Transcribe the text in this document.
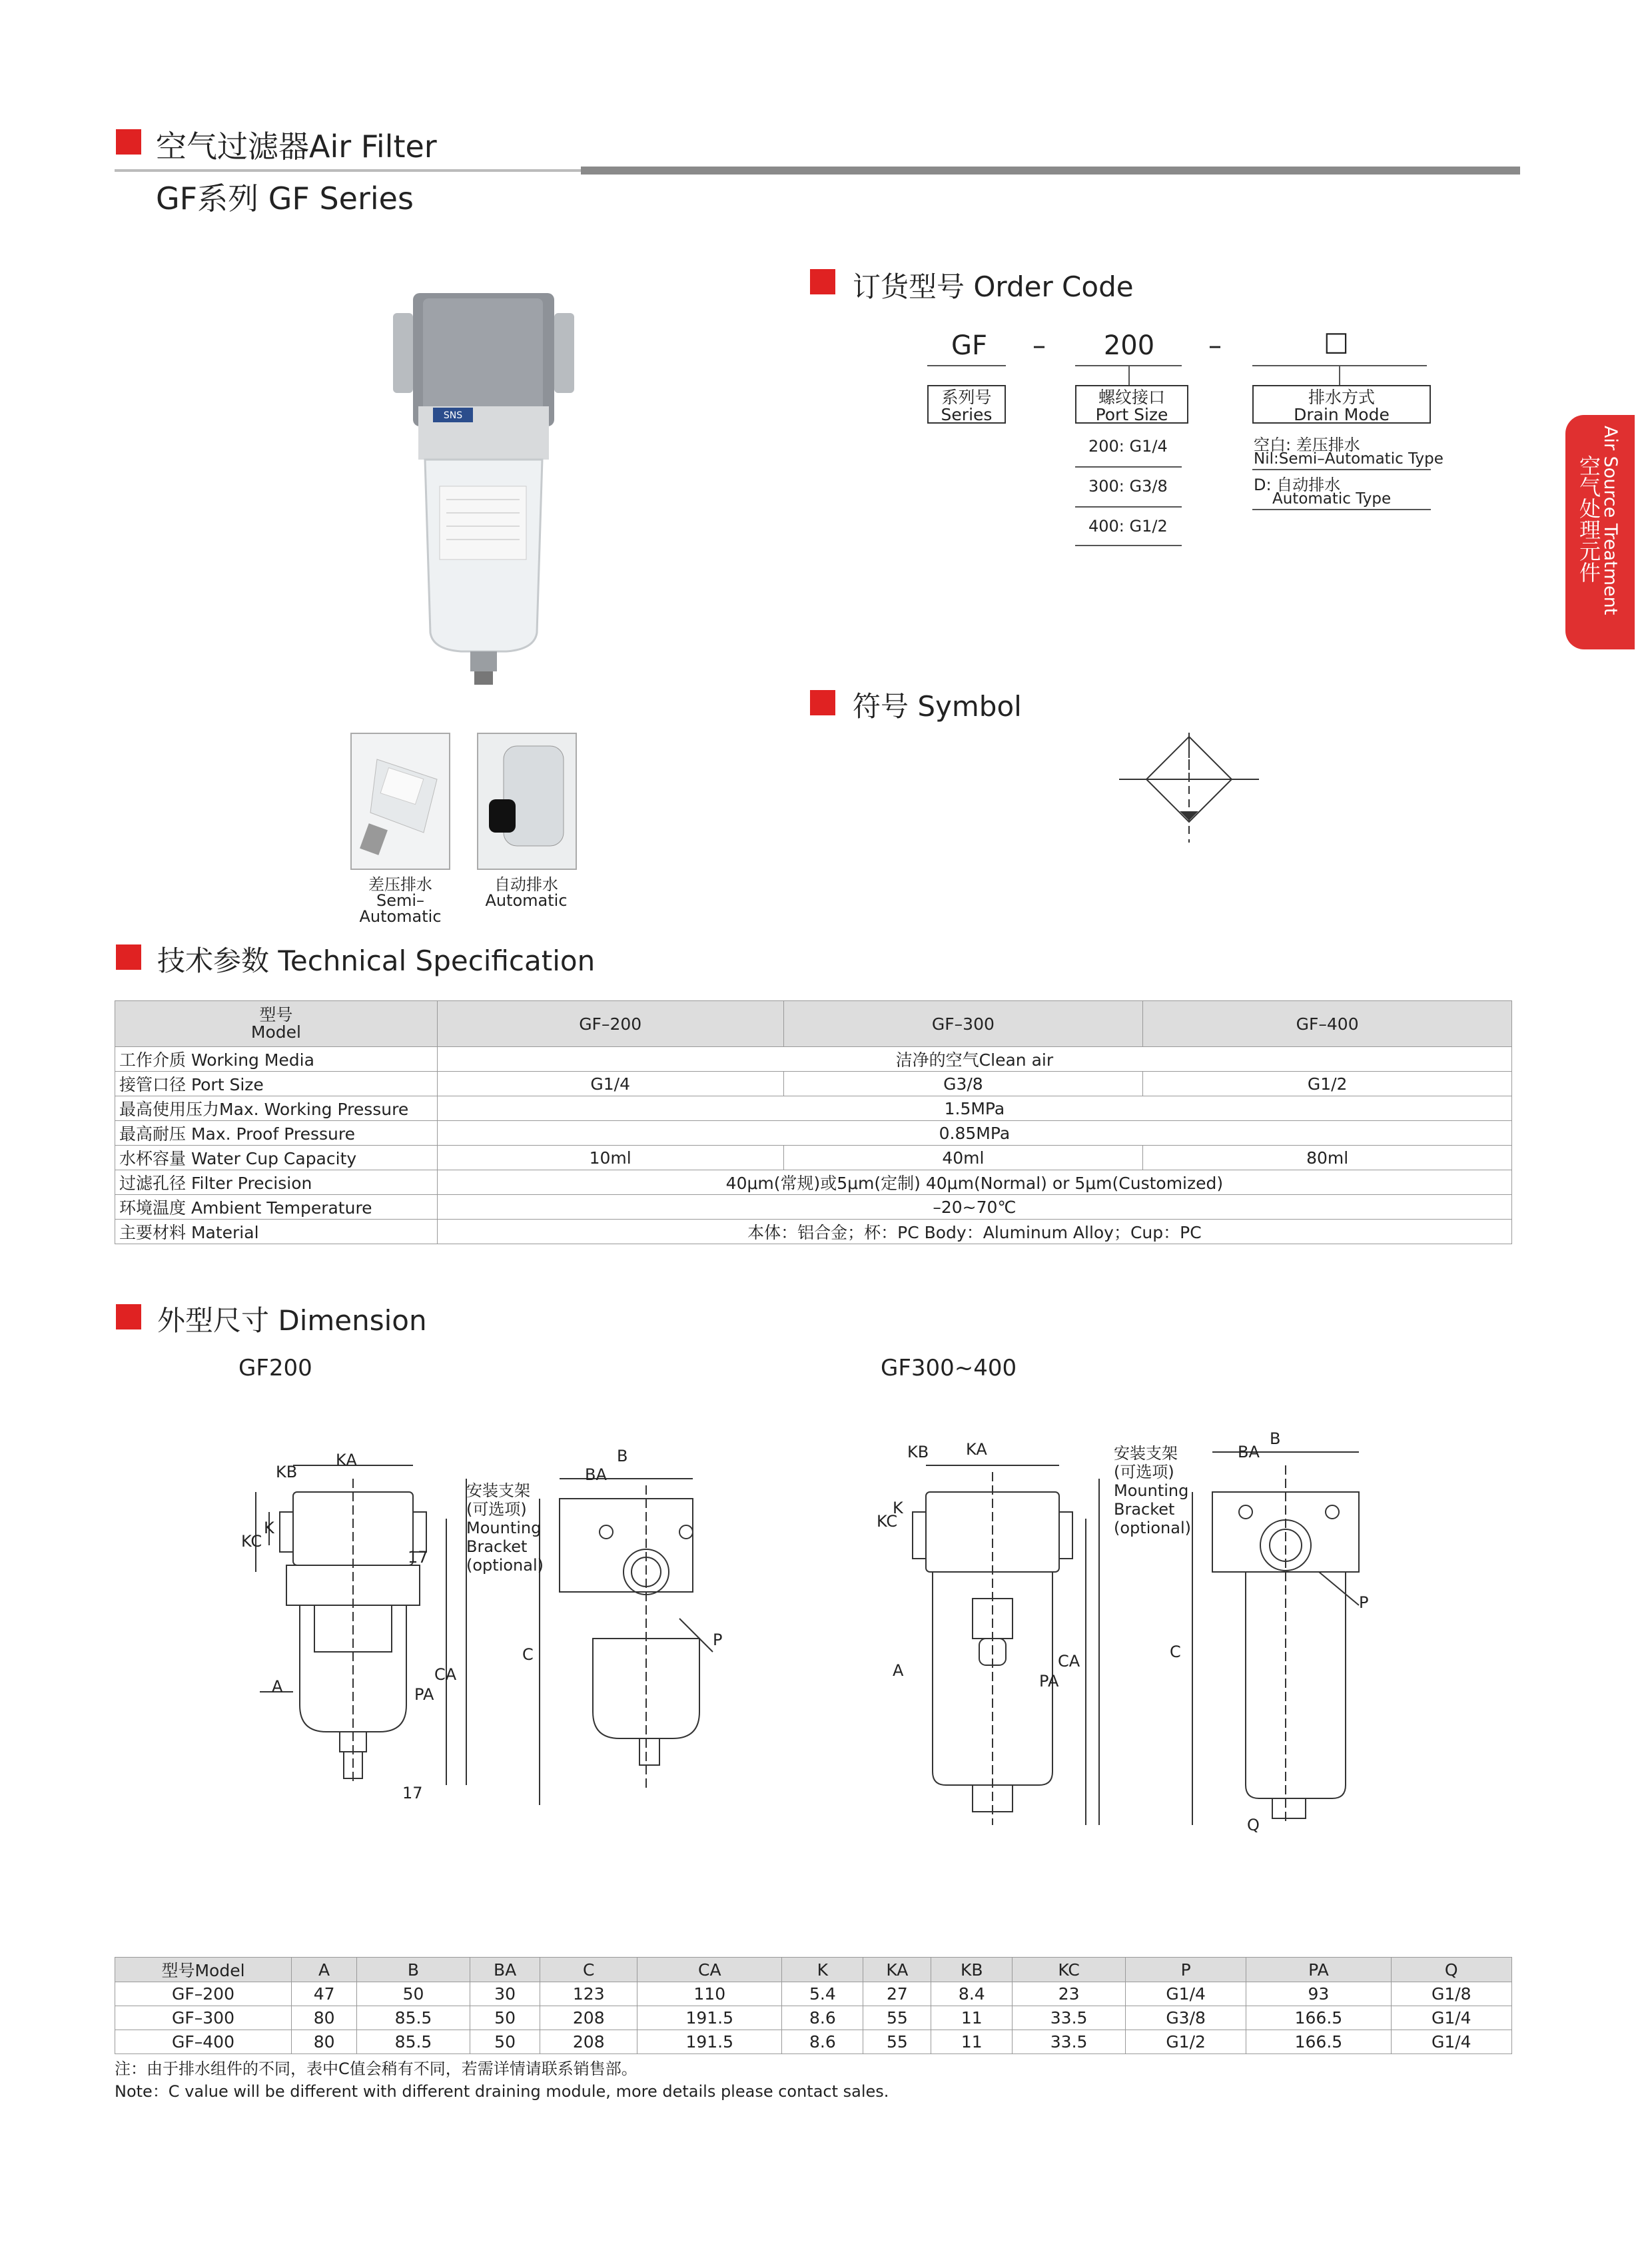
空气过滤器Air Filter
GF系列 GF Series
Air Source Treatment
空气处理元件
SNS
差压排水
Semi–Automatic
自动排水
Automatic
订货型号 Order Code
GF	–	200	–	□
系列号
Series
螺纹接口
Port Size
排水方式
Drain Mode
200: G1/4
300: G3/8
400: G1/2
空白: 差压排水
Nil:Semi–Automatic Type
D: 自动排水
Automatic Type
符号 Symbol
技术参数 Technical Specification
型号
Model	GF–200	GF–300	GF–400
工作介质 Working Media	洁净的空气Clean air		
接管口径 Port Size	G1/4	G3/8	G1/2
最高使用压力Max. Working Pressure	1.5MPa		
最高耐压 Max. Proof Pressure	0.85MPa		
水杯容量 Water Cup Capacity	10ml	40ml	80ml
过滤孔径 Filter Precision	40μm(常规)或5μm(定制) 40μm(Normal) or 5μm(Customized)		
环境温度 Ambient Temperature	–20~70℃		
主要材料 Material	本体：铝合金；杯：PC Body：Aluminum Alloy；Cup：PC		
外型尺寸 Dimension
GF200	GF300~400
KA
KB
KC
K
A	PA
CA
17
17
B
BA
C
P
安装支架
(可选项)
Mounting
Bracket
(optional)
KA
KB
KC
K
A
PA
CA
B
BA
C
P
Q
安装支架
(可选项)
Mounting
Bracket
(optional)
型号Model	A	B	BA	C	CA	K	KA	KB	KC	P	PA	Q
GF–200	47	50	30	123	110	5.4	27	8.4	23	G1/4	93	G1/8
GF–300	80	85.5	50	208	191.5	8.6	55	11	33.5	G3/8	166.5	G1/4
GF–400	80	85.5	50	208	191.5	8.6	55	11	33.5	G1/2	166.5	G1/4
注：由于排水组件的不同，表中C值会稍有不同，若需详情请联系销售部。
Note：C value will be different with different draining module, more details please contact sales.
